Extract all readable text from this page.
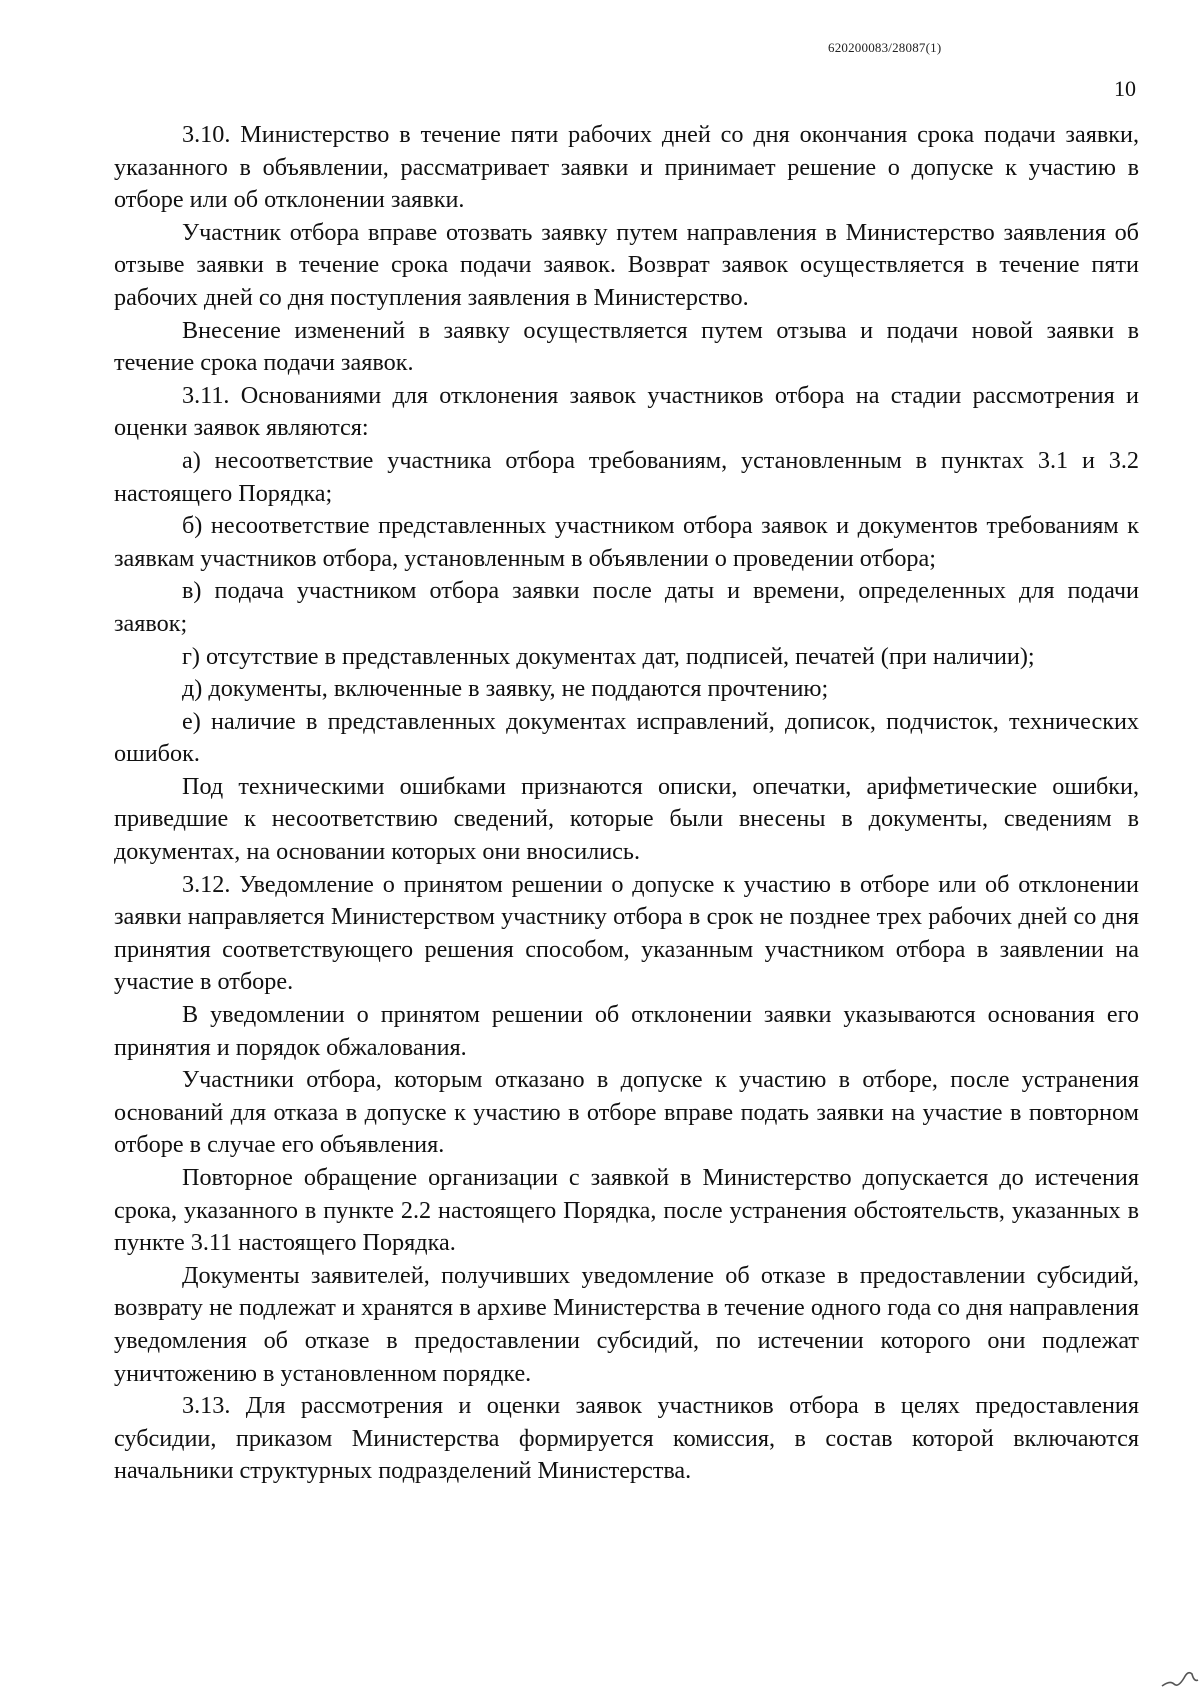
620200083/28087(1)
10

3.10. Министерство в течение пяти рабочих дней со дня окончания срока подачи заявки, указанного в объявлении, рассматривает заявки и принимает решение о допуске к участию в отборе или об отклонении заявки.

Участник отбора вправе отозвать заявку путем направления в Министерство заявления об отзыве заявки в течение срока подачи заявок. Возврат заявок осуществляется в течение пяти рабочих дней со дня поступления заявления в Министерство.

Внесение изменений в заявку осуществляется путем отзыва и подачи новой заявки в течение срока подачи заявок.

3.11. Основаниями для отклонения заявок участников отбора на стадии рассмотрения и оценки заявок являются:

а) несоответствие участника отбора требованиям, установленным в пунктах 3.1 и 3.2 настоящего Порядка;

б) несоответствие представленных участником отбора заявок и документов требованиям к заявкам участников отбора, установленным в объявлении о проведении отбора;

в) подача участником отбора заявки после даты и времени, определенных для подачи заявок;

г) отсутствие в представленных документах дат, подписей, печатей (при наличии);

д) документы, включенные в заявку, не поддаются прочтению;

е) наличие в представленных документах исправлений, дописок, подчисток, технических ошибок.

Под техническими ошибками признаются описки, опечатки, арифметические ошибки, приведшие к несоответствию сведений, которые были внесены в документы, сведениям в документах, на основании которых они вносились.

3.12. Уведомление о принятом решении о допуске к участию в отборе или об отклонении заявки направляется Министерством участнику отбора в срок не позднее трех рабочих дней со дня принятия соответствующего решения способом, указанным участником отбора в заявлении на участие в отборе.

В уведомлении о принятом решении об отклонении заявки указываются основания его принятия и порядок обжалования.

Участники отбора, которым отказано в допуске к участию в отборе, после устранения оснований для отказа в допуске к участию в отборе вправе подать заявки на участие в повторном отборе в случае его объявления.

Повторное обращение организации с заявкой в Министерство допускается до истечения срока, указанного в пункте 2.2 настоящего Порядка, после устранения обстоятельств, указанных в пункте 3.11 настоящего Порядка.

Документы заявителей, получивших уведомление об отказе в предоставлении субсидий, возврату не подлежат и хранятся в архиве Министерства в течение одного года со дня направления уведомления об отказе в предоставлении субсидий, по истечении которого они подлежат уничтожению в установленном порядке.

3.13. Для рассмотрения и оценки заявок участников отбора в целях предоставления субсидии, приказом Министерства формируется комиссия, в состав которой включаются начальники структурных подразделений Министерства.
